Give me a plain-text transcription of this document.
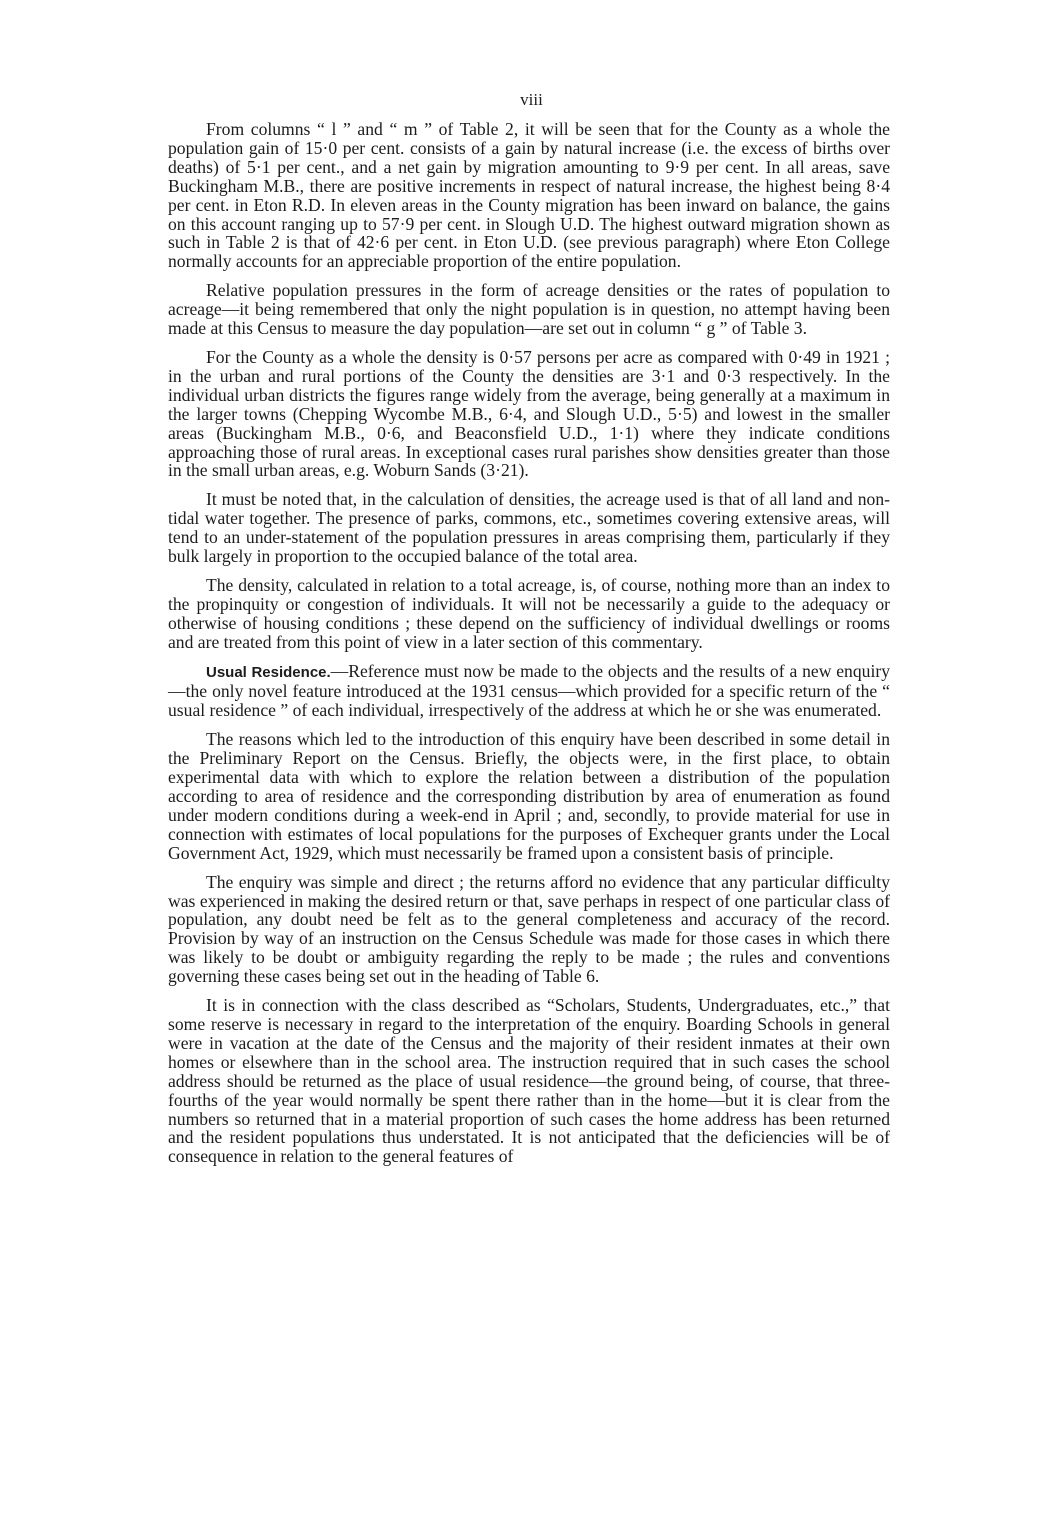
viii

From columns “ l ” and “ m ” of Table 2, it will be seen that for the County as a whole the population gain of 15·0 per cent. consists of a gain by natural increase (i.e. the excess of births over deaths) of 5·1 per cent., and a net gain by migration amounting to 9·9 per cent. In all areas, save Buckingham M.B., there are positive increments in respect of natural increase, the highest being 8·4 per cent. in Eton R.D. In eleven areas in the County migration has been inward on balance, the gains on this account ranging up to 57·9 per cent. in Slough U.D. The highest outward migration shown as such in Table 2 is that of 42·6 per cent. in Eton U.D. (see previous paragraph) where Eton College normally accounts for an appreciable proportion of the entire population.

Relative population pressures in the form of acreage densities or the rates of population to acreage—it being remembered that only the night population is in question, no attempt having been made at this Census to measure the day population—are set out in column “ g ” of Table 3.

For the County as a whole the density is 0·57 persons per acre as compared with 0·49 in 1921 ; in the urban and rural portions of the County the densities are 3·1 and 0·3 respectively. In the individual urban districts the figures range widely from the average, being generally at a maximum in the larger towns (Chepping Wycombe M.B., 6·4, and Slough U.D., 5·5) and lowest in the smaller areas (Buckingham M.B., 0·6, and Beaconsfield U.D., 1·1) where they indicate conditions approaching those of rural areas. In exceptional cases rural parishes show densities greater than those in the small urban areas, e.g. Woburn Sands (3·21).

It must be noted that, in the calculation of densities, the acreage used is that of all land and non-tidal water together. The presence of parks, commons, etc., sometimes covering extensive areas, will tend to an under-statement of the population pressures in areas comprising them, particularly if they bulk largely in proportion to the occupied balance of the total area.

The density, calculated in relation to a total acreage, is, of course, nothing more than an index to the propinquity or congestion of individuals. It will not be necessarily a guide to the adequacy or otherwise of housing conditions ; these depend on the sufficiency of individual dwellings or rooms and are treated from this point of view in a later section of this commentary.

Usual Residence.—Reference must now be made to the objects and the results of a new enquiry—the only novel feature introduced at the 1931 census—which provided for a specific return of the “ usual residence ” of each individual, irrespectively of the address at which he or she was enumerated.

The reasons which led to the introduction of this enquiry have been described in some detail in the Preliminary Report on the Census. Briefly, the objects were, in the first place, to obtain experimental data with which to explore the relation between a distribution of the population according to area of residence and the corresponding distribution by area of enumeration as found under modern conditions during a week-end in April ; and, secondly, to provide material for use in connection with estimates of local populations for the purposes of Exchequer grants under the Local Government Act, 1929, which must necessarily be framed upon a consistent basis of principle.

The enquiry was simple and direct ; the returns afford no evidence that any particular difficulty was experienced in making the desired return or that, save perhaps in respect of one particular class of population, any doubt need be felt as to the general completeness and accuracy of the record. Provision by way of an instruction on the Census Schedule was made for those cases in which there was likely to be doubt or ambiguity regarding the reply to be made ; the rules and conventions governing these cases being set out in the heading of Table 6.

It is in connection with the class described as “Scholars, Students, Undergraduates, etc.,” that some reserve is necessary in regard to the interpretation of the enquiry. Boarding Schools in general were in vacation at the date of the Census and the majority of their resident inmates at their own homes or elsewhere than in the school area. The instruction required that in such cases the school address should be returned as the place of usual residence—the ground being, of course, that three-fourths of the year would normally be spent there rather than in the home—but it is clear from the numbers so returned that in a material proportion of such cases the home address has been returned and the resident populations thus understated. It is not anticipated that the deficiencies will be of consequence in relation to the general features of
